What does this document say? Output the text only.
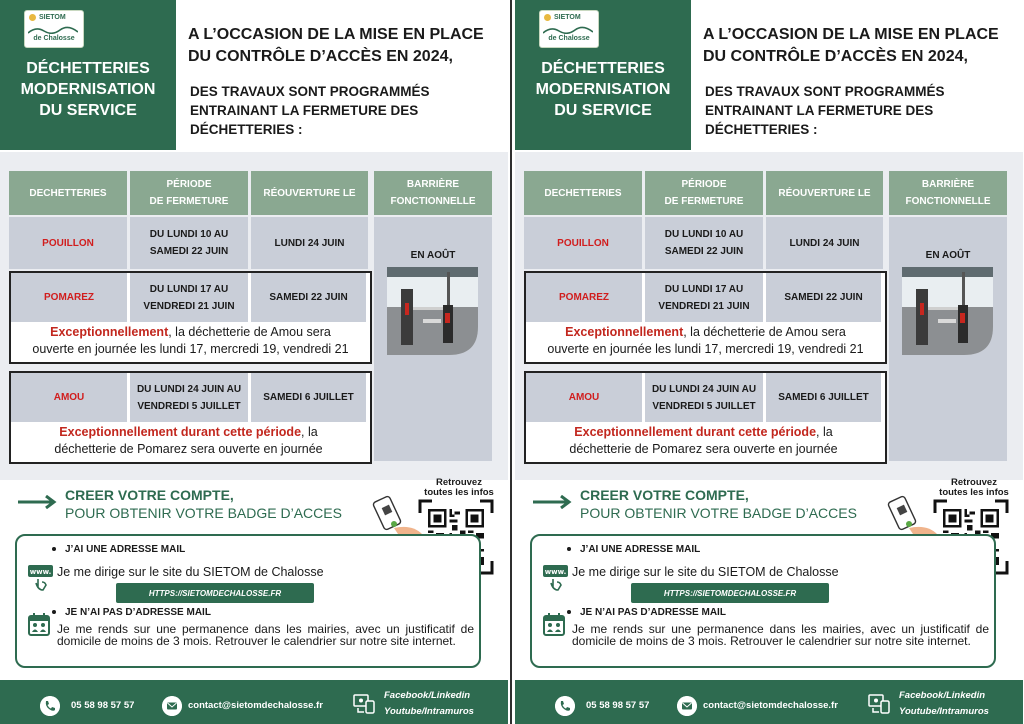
SIETOM
de Chalosse
DÉCHETTERIES
MODERNISATION
DU SERVICE
A L’OCCASION DE LA MISE EN PLACE
DU CONTRÔLE D’ACCÈS EN 2024,
DES TRAVAUX SONT PROGRAMMÉS
ENTRAINANT LA FERMETURE DES
DÉCHETTERIES :
DECHETTERIES
PÉRIODE
DE FERMETURE
RÉOUVERTURE LE
BARRIÈRE
FONCTIONNELLE
POUILLON
DU LUNDI 10 AU
SAMEDI 22 JUIN
LUNDI 24 JUIN
POMAREZ
DU LUNDI 17 AU
VENDREDI 21 JUIN
SAMEDI 22 JUIN
Exceptionnellement, la déchetterie de Amou sera
ouverte en journée les lundi 17, mercredi 19, vendredi 21
AMOU
DU LUNDI 24 JUIN AU
VENDREDI 5 JUILLET
SAMEDI 6 JUILLET
Exceptionnellement durant cette période, la
déchetterie de Pomarez sera ouverte en journée
EN AOÛT
CREER VOTRE COMPTE,
POUR OBTENIR VOTRE BADGE D’ACCES
Retrouvez
toutes les infos
J’AI UNE ADRESSE MAIL
www. Je me dirige sur le site du SIETOM de Chalosse
HTTPS://SIETOMDECHALOSSE.FR
JE N’AI PAS D’ADRESSE MAIL
Je me rends sur une permanence dans les mairies, avec un justificatif de domicile de moins de 3 mois. Retrouver le calendrier sur notre site internet.
05 58 98 57 57	contact@sietomdechalosse.fr
Facebook/Linkedin
Youtube/Intramuros
SIETOM
de Chalosse
DÉCHETTERIES
MODERNISATION
DU SERVICE
A L’OCCASION DE LA MISE EN PLACE
DU CONTRÔLE D’ACCÈS EN 2024,
DES TRAVAUX SONT PROGRAMMÉS
ENTRAINANT LA FERMETURE DES
DÉCHETTERIES :
DECHETTERIES
PÉRIODE
DE FERMETURE
RÉOUVERTURE LE
BARRIÈRE
FONCTIONNELLE
POUILLON
DU LUNDI 10 AU
SAMEDI 22 JUIN
LUNDI 24 JUIN
POMAREZ
DU LUNDI 17 AU
VENDREDI 21 JUIN
SAMEDI 22 JUIN
Exceptionnellement, la déchetterie de Amou sera
ouverte en journée les lundi 17, mercredi 19, vendredi 21
AMOU
DU LUNDI 24 JUIN AU
VENDREDI 5 JUILLET
SAMEDI 6 JUILLET
Exceptionnellement durant cette période, la
déchetterie de Pomarez sera ouverte en journée
EN AOÛT
CREER VOTRE COMPTE,
POUR OBTENIR VOTRE BADGE D’ACCES
Retrouvez
toutes les infos
J’AI UNE ADRESSE MAIL
www. Je me dirige sur le site du SIETOM de Chalosse
HTTPS://SIETOMDECHALOSSE.FR
JE N’AI PAS D’ADRESSE MAIL
Je me rends sur une permanence dans les mairies, avec un justificatif de domicile de moins de 3 mois. Retrouver le calendrier sur notre site internet.
05 58 98 57 57	contact@sietomdechalosse.fr
Facebook/Linkedin
Youtube/Intramuros
